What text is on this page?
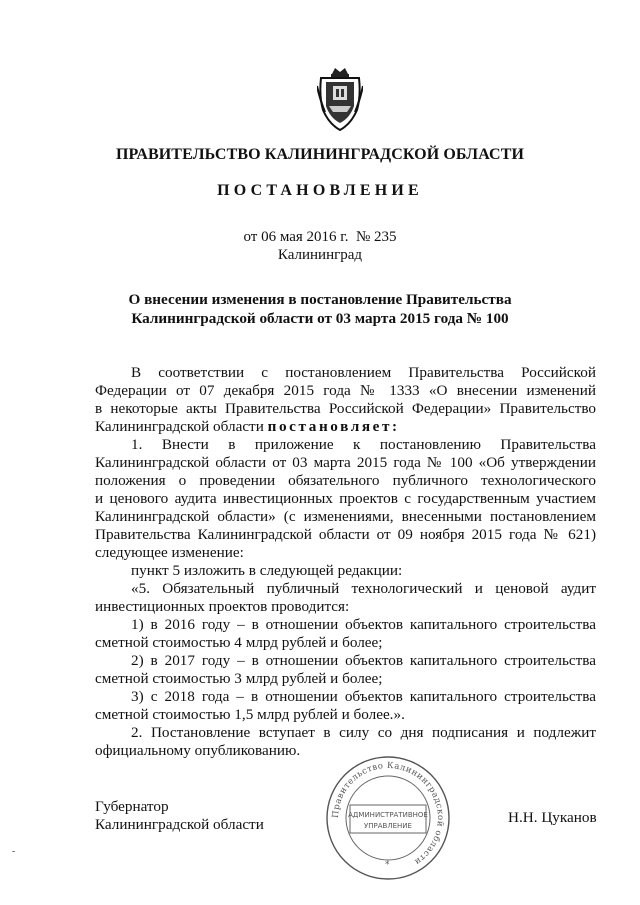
ПРАВИТЕЛЬСТВО КАЛИНИНГРАДСКОЙ ОБЛАСТИ
ПОСТАНОВЛЕНИЕ
от 06 мая 2016 г. № 235
Калининград
О внесении изменения в постановление Правительства
Калининградской области от 03 марта 2015 года № 100
В соответствии с постановлением Правительства Российской
Федерации от 07 декабря 2015 года № 1333 «О внесении изменений
в некоторые акты Правительства Российской Федерации» Правительство
Калининградской области постановляет:
1. Внести в приложение к постановлению Правительства
Калининградской области от 03 марта 2015 года № 100 «Об утверждении
положения о проведении обязательного публичного технологического
и ценового аудита инвестиционных проектов с государственным участием
Калининградской области» (с изменениями, внесенными постановлением
Правительства Калининградской области от 09 ноября 2015 года № 621)
следующее изменение:
пункт 5 изложить в следующей редакции:
«5. Обязательный публичный технологический и ценовой аудит
инвестиционных проектов проводится:
1) в 2016 году – в отношении объектов капитального строительства
сметной стоимостью 4 млрд рублей и более;
2) в 2017 году – в отношении объектов капитального строительства
сметной стоимостью 3 млрд рублей и более;
3) с 2018 года – в отношении объектов капитального строительства
сметной стоимостью 1,5 млрд рублей и более.».
2. Постановление вступает в силу со дня подписания и подлежит
официальному опубликованию.
Правительство Калининградской области
АДМИНИСТРАТИВНОЕ
УПРАВЛЕНИЕ
*
Губернатор
Калининградской области	Н.Н. Цуканов
-
